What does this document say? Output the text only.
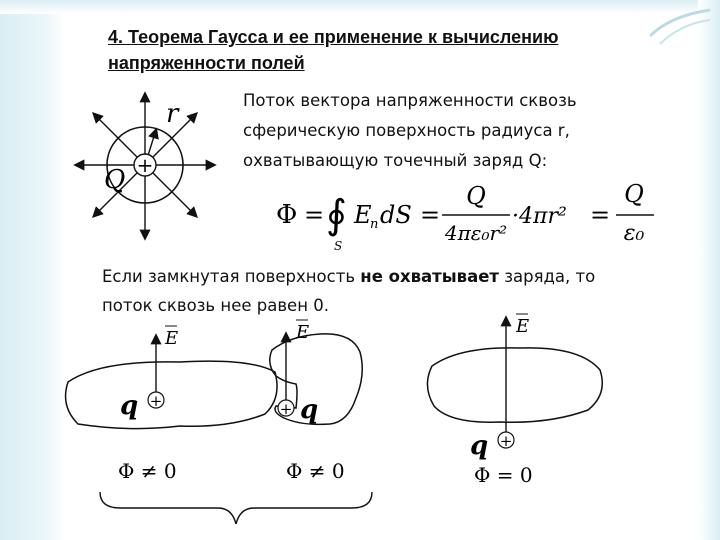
4. Теорема Гаусса и ее применение к вычислению
напряженности полей
Поток вектора напряженности сквозь
сферическую поверхность радиуса r,
охватывающую точечный заряд Q:
+
Q
r
Φ = ∮
S
E
n dS =
Q
4πε₀r²
·4πr² =
Q
ε₀
Если замкнутая поверхность не охватывает заряда, то
поток сквозь нее равен 0.
E
+
q
Φ ≠ 0
E
+ q
Φ ≠ 0
E
+
q
Φ = 0
